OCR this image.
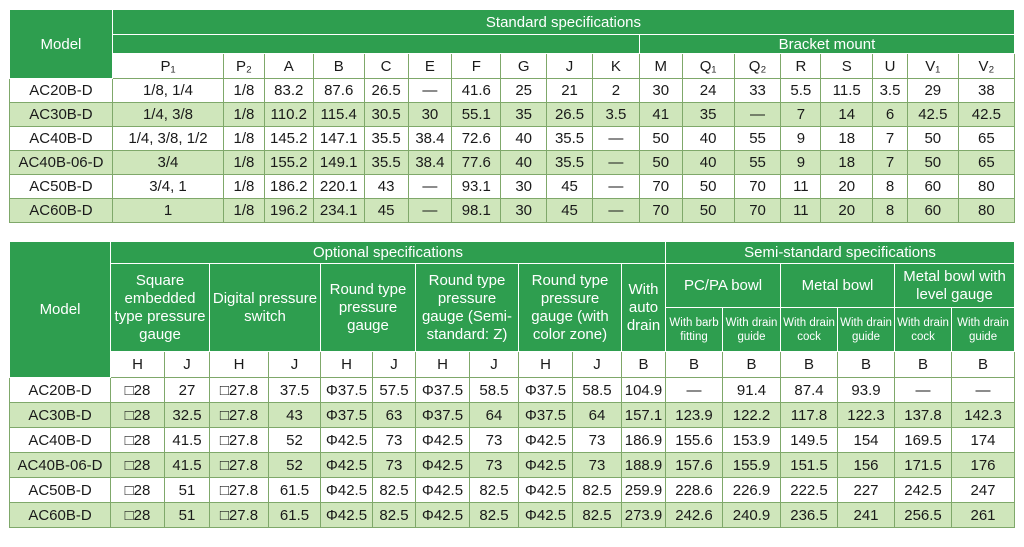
Model	Standard specifications																	
											Bracket mount							
	P₁	P₂	A	B	C	E	F	G	J	K	M	Q₁	Q₂	R	S	U	V₁	V₂
AC20B-D	1/8, 1/4	1/8	83.2	87.6	26.5	—	41.6	25	21	2	30	24	33	5.5	11.5	3.5	29	38
AC30B-D	1/4, 3/8	1/8	110.2	115.4	30.5	30	55.1	35	26.5	3.5	41	35	—	7	14	6	42.5	42.5
AC40B-D	1/4, 3/8, 1/2	1/8	145.2	147.1	35.5	38.4	72.6	40	35.5	—	50	40	55	9	18	7	50	65
AC40B-06-D	3/4	1/8	155.2	149.1	35.5	38.4	77.6	40	35.5	—	50	40	55	9	18	7	50	65
AC50B-D	3/4, 1	1/8	186.2	220.1	43	—	93.1	30	45	—	70	50	70	11	20	8	60	80
AC60B-D	1	1/8	196.2	234.1	45	—	98.1	30	45	—	70	50	70	11	20	8	60	80
Model	Optional specifications											Semi-standard specifications					
	Square embedded type pressure gauge		Digital pressure switch		Round type pressure gauge		Round type pressure gauge (Semi-standard: Z)		Round type pressure gauge (with color zone)		With auto drain	PC/PA bowl		Metal bowl		Metal bowl with level gauge	
												With barb fitting	With drain guide	With drain cock	With drain guide	With drain cock	With drain guide
	H	J	H	J	H	J	H	J	H	J	B	B	B	B	B	B	B
AC20B-D	□28	27	□27.8	37.5	Φ37.5	57.5	Φ37.5	58.5	Φ37.5	58.5	104.9	—	91.4	87.4	93.9	—	—
AC30B-D	□28	32.5	□27.8	43	Φ37.5	63	Φ37.5	64	Φ37.5	64	157.1	123.9	122.2	117.8	122.3	137.8	142.3
AC40B-D	□28	41.5	□27.8	52	Φ42.5	73	Φ42.5	73	Φ42.5	73	186.9	155.6	153.9	149.5	154	169.5	174
AC40B-06-D	□28	41.5	□27.8	52	Φ42.5	73	Φ42.5	73	Φ42.5	73	188.9	157.6	155.9	151.5	156	171.5	176
AC50B-D	□28	51	□27.8	61.5	Φ42.5	82.5	Φ42.5	82.5	Φ42.5	82.5	259.9	228.6	226.9	222.5	227	242.5	247
AC60B-D	□28	51	□27.8	61.5	Φ42.5	82.5	Φ42.5	82.5	Φ42.5	82.5	273.9	242.6	240.9	236.5	241	256.5	261
